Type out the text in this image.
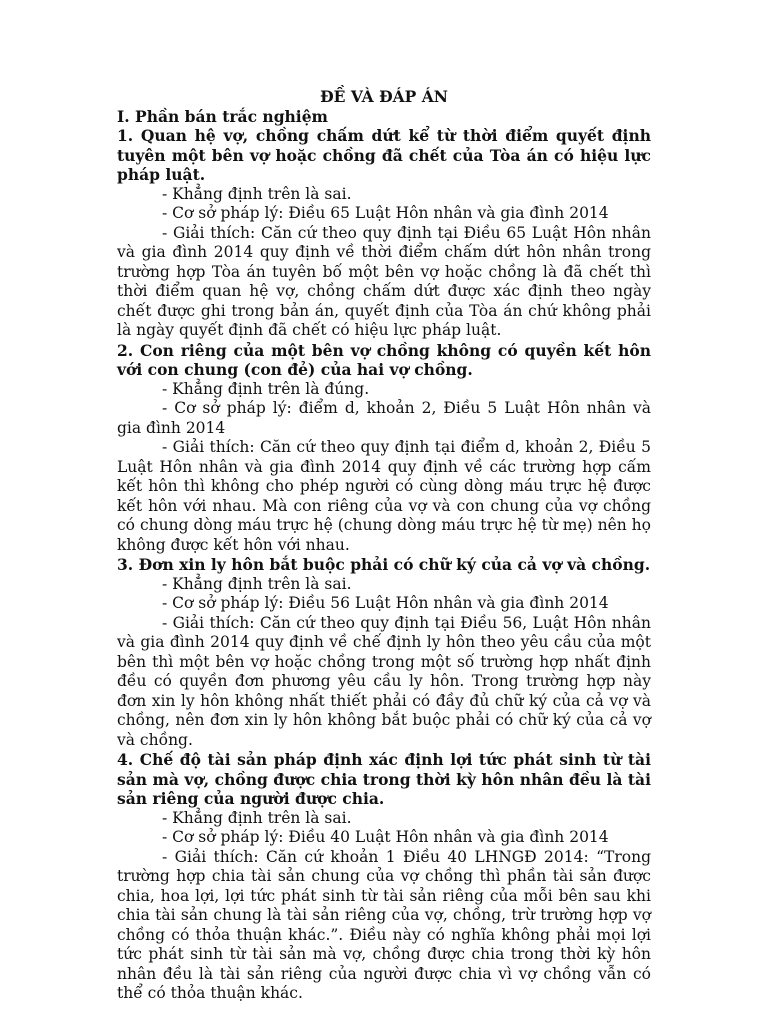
ĐỀ VÀ ĐÁP ÁN

I. Phần bán trắc nghiệm

1. Quan hệ vợ, chồng chấm dứt kể từ thời điểm quyết định tuyên một bên vợ hoặc chồng đã chết của Tòa án có hiệu lực pháp luật.

- Khẳng định trên là sai.

- Cơ sở pháp lý: Điều 65 Luật Hôn nhân và gia đình 2014

- Giải thích: Căn cứ theo quy định tại Điều 65 Luật Hôn nhân và gia đình 2014 quy định về thời điểm chấm dứt hôn nhân trong trường hợp Tòa án tuyên bố một bên vợ hoặc chồng là đã chết thì thời điểm quan hệ vợ, chồng chấm dứt được xác định theo ngày chết được ghi trong bản án, quyết định của Tòa án chứ không phải là ngày quyết định đã chết có hiệu lực pháp luật.

2. Con riêng của một bên vợ chồng không có quyền kết hôn với con chung (con đẻ) của hai vợ chồng.

- Khẳng định trên là đúng.

- Cơ sở pháp lý: điểm d, khoản 2, Điều 5 Luật Hôn nhân và gia đình 2014

- Giải thích: Căn cứ theo quy định tại điểm d, khoản 2, Điều 5 Luật Hôn nhân và gia đình 2014 quy định về các trường hợp cấm kết hôn thì không cho phép người có cùng dòng máu trực hệ được kết hôn với nhau. Mà con riêng của vợ và con chung của vợ chồng có chung dòng máu trực hệ (chung dòng máu trực hệ từ mẹ) nên họ không được kết hôn với nhau.

3. Đơn xin ly hôn bắt buộc phải có chữ ký của cả vợ và chồng.

- Khẳng định trên là sai.

- Cơ sở pháp lý: Điều 56 Luật Hôn nhân và gia đình 2014

- Giải thích: Căn cứ theo quy định tại Điều 56, Luật Hôn nhân và gia đình 2014 quy định về chế định ly hôn theo yêu cầu của một bên thì một bên vợ hoặc chồng trong một số trường hợp nhất định đều có quyền đơn phương yêu cầu ly hôn. Trong trường hợp này đơn xin ly hôn không nhất thiết phải có đầy đủ chữ ký của cả vợ và chồng, nên đơn xin ly hôn không bắt buộc phải có chữ ký của cả vợ và chồng.

4. Chế độ tài sản pháp định xác định lợi tức phát sinh từ tài sản mà vợ, chồng được chia trong thời kỳ hôn nhân đều là tài sản riêng của người được chia.

- Khẳng định trên là sai.

- Cơ sở pháp lý: Điều 40 Luật Hôn nhân và gia đình 2014

- Giải thích: Căn cứ khoản 1 Điều 40 LHNGĐ 2014: “Trong trường hợp chia tài sản chung của vợ chồng thì phần tài sản được chia, hoa lợi, lợi tức phát sinh từ tài sản riêng của mỗi bên sau khi chia tài sản chung là tài sản riêng của vợ, chồng, trừ trường hợp vợ chồng có thỏa thuận khác.”. Điều này có nghĩa không phải mọi lợi tức phát sinh từ tài sản mà vợ, chồng được chia trong thời kỳ hôn nhân đều là tài sản riêng của người được chia vì vợ chồng vẫn có thể có thỏa thuận khác.
